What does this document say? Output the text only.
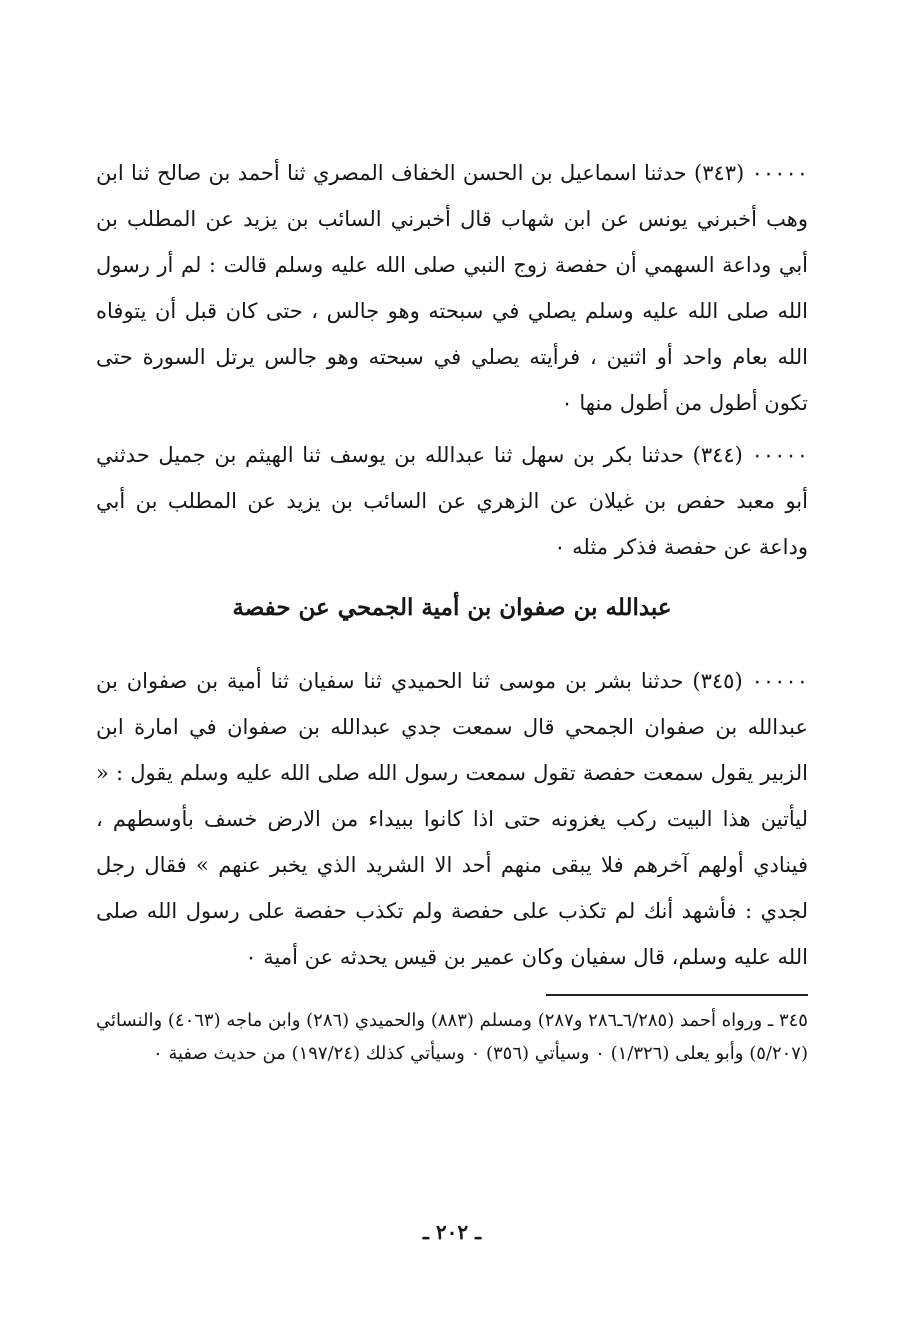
٠٠٠٠٠ (٣٤٣) حدثنا اسماعيل بن الحسن الخفاف المصري ثنا أحمد بن صالح ثنا ابن وهب أخبرني يونس عن ابن شهاب قال أخبرني السائب بن يزيد عن المطلب بن أبي وداعة السهمي أن حفصة زوج النبي صلى الله عليه وسلم قالت : لم أر رسول الله صلى الله عليه وسلم يصلي في سبحته وهو جالس ، حتى كان قبل أن يتوفاه الله بعام واحد أو اثنين ، فرأيته يصلي في سبحته وهو جالس يرتل السورة حتى تكون أطول من أطول منها ٠

٠٠٠٠٠ (٣٤٤) حدثنا بكر بن سهل ثنا عبدالله بن يوسف ثنا الهيثم بن جميل حدثني أبو معبد حفص بن غيلان عن الزهري عن السائب بن يزيد عن المطلب بن أبي وداعة عن حفصة فذكر مثله ٠

عبدالله بن صفوان بن أمية الجمحي عن حفصة

٠٠٠٠٠ (٣٤٥) حدثنا بشر بن موسى ثنا الحميدي ثنا سفيان ثنا أمية بن صفوان بن عبدالله بن صفوان الجمحي قال سمعت جدي عبدالله بن صفوان في امارة ابن الزبير يقول سمعت حفصة تقول سمعت رسول الله صلى الله عليه وسلم يقول : « ليأتين هذا البيت ركب يغزونه حتى اذا كانوا ببيداء من الارض خسف بأوسطهم ، فينادي أولهم آخرهم فلا يبقى منهم أحد الا الشريد الذي يخبر عنهم » فقال رجل لجدي : فأشهد أنك لم تكذب على حفصة ولم تكذب حفصة على رسول الله صلى الله عليه وسلم، قال سفيان وكان عمير بن قيس يحدثه عن أمية ٠

٣٤٥ ـ ورواه أحمد (٦/٢٨٥ـ٢٨٦ و٢٨٧) ومسلم (٨٨٣) والحميدي (٢٨٦) وابن ماجه (٤٠٦٣) والنسائي (٥/٢٠٧) وأبو يعلى (١/٣٢٦) ٠ وسيأتي (٣٥٦) ٠ وسيأتي كذلك (١٩٧/٢٤) من حديث صفية ٠

ـ ٢٠٢ ـ
